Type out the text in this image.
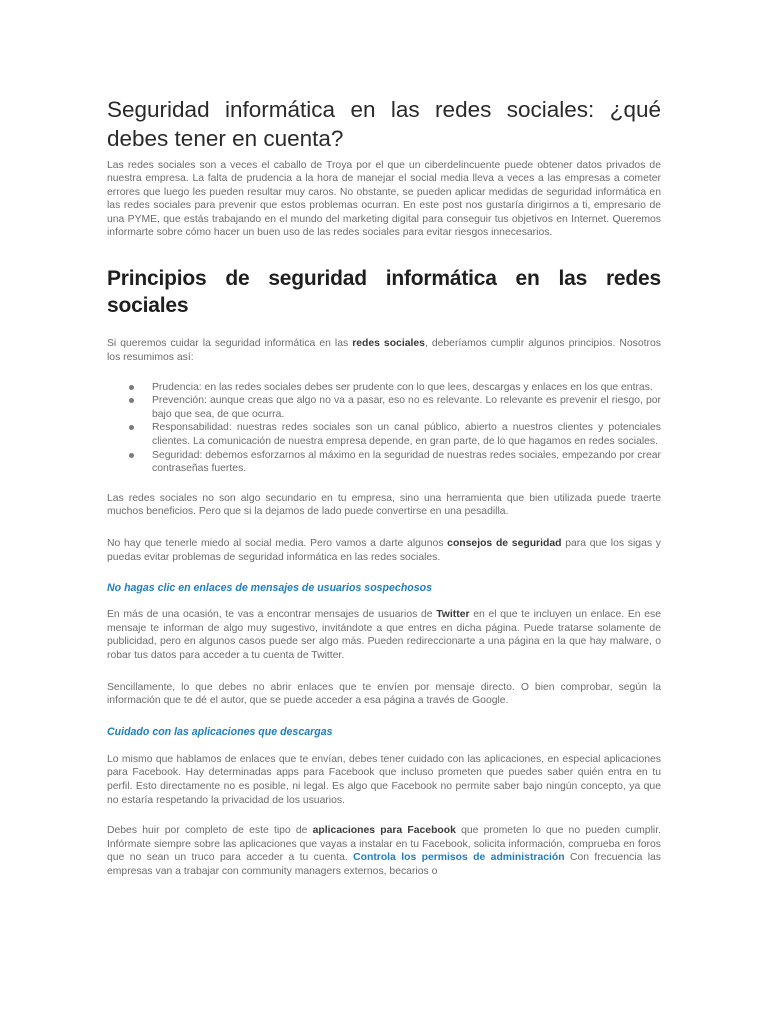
Seguridad informática en las redes sociales: ¿qué debes tener en cuenta?

Las redes sociales son a veces el caballo de Troya por el que un ciberdelincuente puede obtener datos privados de nuestra empresa. La falta de prudencia a la hora de manejar el social media lleva a veces a las empresas a cometer errores que luego les pueden resultar muy caros. No obstante, se pueden aplicar medidas de seguridad informática en las redes sociales para prevenir que estos problemas ocurran. En este post nos gustaría dirigirnos a ti, empresario de una PYME, que estás trabajando en el mundo del marketing digital para conseguir tus objetivos en Internet. Queremos informarte sobre cómo hacer un buen uso de las redes sociales para evitar riesgos innecesarios.

Principios de seguridad informática en las redes sociales

Si queremos cuidar la seguridad informática en las redes sociales, deberíamos cumplir algunos principios. Nosotros los resumimos así:

Prudencia: en las redes sociales debes ser prudente con lo que lees, descargas y enlaces en los que entras.
Prevención: aunque creas que algo no va a pasar, eso no es relevante. Lo relevante es prevenir el riesgo, por bajo que sea, de que ocurra.
Responsabilidad: nuestras redes sociales son un canal público, abierto a nuestros clientes y potenciales clientes. La comunicación de nuestra empresa depende, en gran parte, de lo que hagamos en redes sociales.
Seguridad: debemos esforzarnos al máximo en la seguridad de nuestras redes sociales, empezando por crear contraseñas fuertes.

Las redes sociales no son algo secundario en tu empresa, sino una herramienta que bien utilizada puede traerte muchos beneficios. Pero que si la dejamos de lado puede convertirse en una pesadilla.

No hay que tenerle miedo al social media. Pero vamos a darte algunos consejos de seguridad para que los sigas y puedas evitar problemas de seguridad informática en las redes sociales.

No hagas clic en enlaces de mensajes de usuarios sospechosos

En más de una ocasión, te vas a encontrar mensajes de usuarios de Twitter en el que te incluyen un enlace. En ese mensaje te informan de algo muy sugestivo, invitándote a que entres en dicha página. Puede tratarse solamente de publicidad, pero en algunos casos puede ser algo más. Pueden redireccionarte a una página en la que hay malware, o robar tus datos para acceder a tu cuenta de Twitter.

Sencillamente, lo que debes no abrir enlaces que te envíen por mensaje directo. O bien comprobar, según la información que te dé el autor, que se puede acceder a esa página a través de Google.

Cuidado con las aplicaciones que descargas

Lo mismo que hablamos de enlaces que te envían, debes tener cuidado con las aplicaciones, en especial aplicaciones para Facebook. Hay determinadas apps para Facebook que incluso prometen que puedes saber quién entra en tu perfil. Esto directamente no es posible, ni legal. Es algo que Facebook no permite saber bajo ningún concepto, ya que no estaría respetando la privacidad de los usuarios.

Debes huir por completo de este tipo de aplicaciones para Facebook que prometen lo que no pueden cumplir. Infórmate siempre sobre las aplicaciones que vayas a instalar en tu Facebook, solicita información, comprueba en foros que no sean un truco para acceder a tu cuenta. Controla los permisos de administración Con frecuencia las empresas van a trabajar con community managers externos, becarios o
